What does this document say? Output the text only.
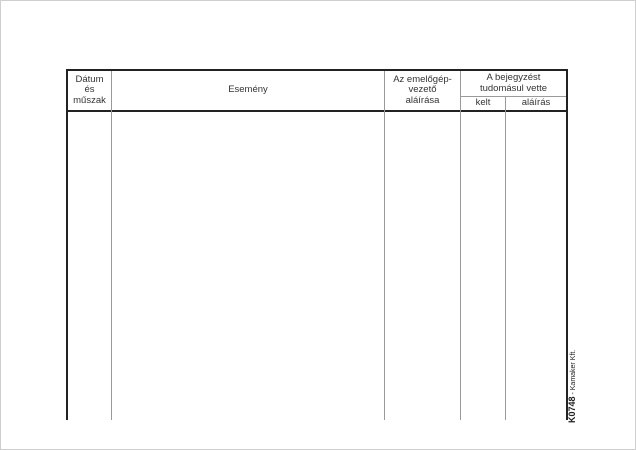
Dátum
és
műszak
Esemény
Az emelőgép-
vezető
aláírása
A bejegyzést
tudomásul vette
kelt	aláírás
K0748 - Kamaker Kft.
